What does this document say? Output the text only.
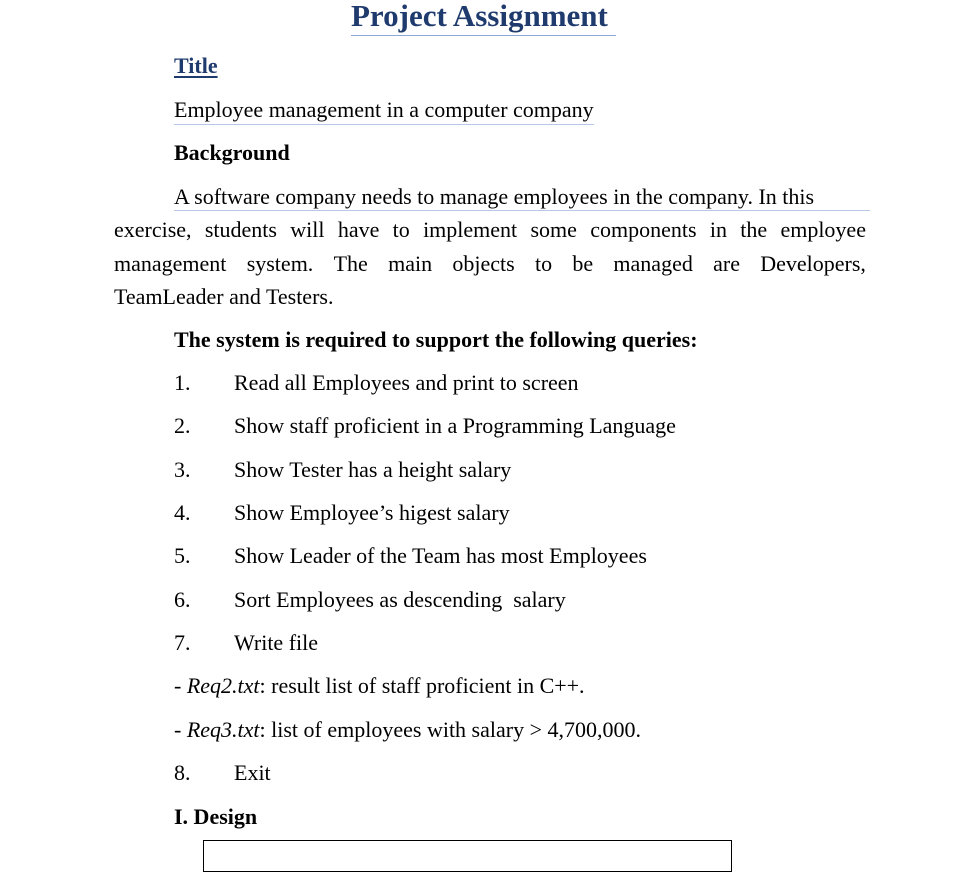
Project Assignment
Title
Employee management in a computer company
Background
A software company needs to manage employees in the company. In this
exercise, students will have to implement some components in the employee
management system. The main objects to be managed are Developers,
TeamLeader and Testers.
The system is required to support the following queries:
1. Read all Employees and print to screen
2. Show staff proficient in a Programming Language
3. Show Tester has a height salary
4. Show Employee’s higest salary
5. Show Leader of the Team has most Employees
6. Sort Employees as descending  salary
7. Write file
- Req2.txt: result list of staff proficient in C++.
- Req3.txt: list of employees with salary > 4,700,000.
8. Exit
I. Design
